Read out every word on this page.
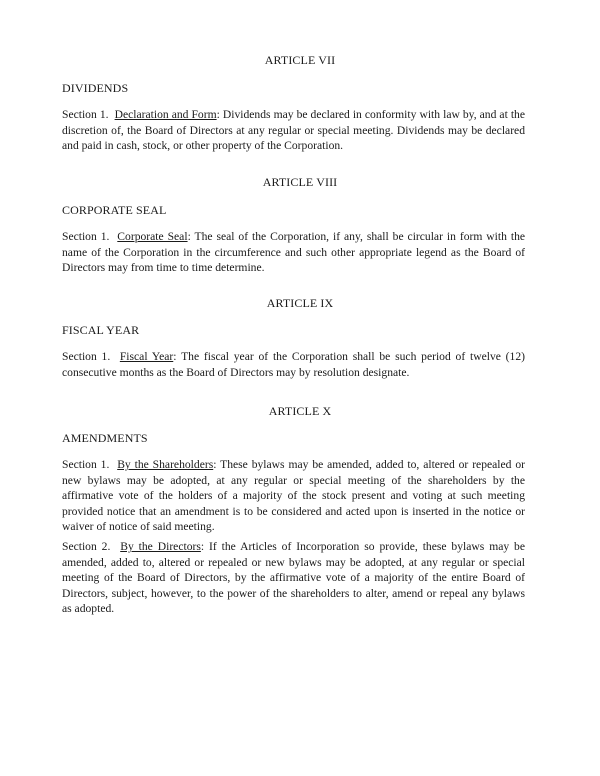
ARTICLE VII
DIVIDENDS

Section 1. Declaration and Form: Dividends may be declared in conformity with law by, and at the discretion of, the Board of Directors at any regular or special meeting. Dividends may be declared and paid in cash, stock, or other property of the Corporation.

ARTICLE VIII
CORPORATE SEAL

Section 1. Corporate Seal: The seal of the Corporation, if any, shall be circular in form with the name of the Corporation in the circumference and such other appropriate legend as the Board of Directors may from time to time determine.

ARTICLE IX
FISCAL YEAR

Section 1. Fiscal Year: The fiscal year of the Corporation shall be such period of twelve (12) consecutive months as the Board of Directors may by resolution designate.

ARTICLE X
AMENDMENTS

Section 1. By the Shareholders: These bylaws may be amended, added to, altered or repealed or new bylaws may be adopted, at any regular or special meeting of the shareholders by the affirmative vote of the holders of a majority of the stock present and voting at such meeting provided notice that an amendment is to be considered and acted upon is inserted in the notice or waiver of notice of said meeting.

Section 2. By the Directors: If the Articles of Incorporation so provide, these bylaws may be amended, added to, altered or repealed or new bylaws may be adopted, at any regular or special meeting of the Board of Directors, by the affirmative vote of a majority of the entire Board of Directors, subject, however, to the power of the shareholders to alter, amend or repeal any bylaws as adopted.
